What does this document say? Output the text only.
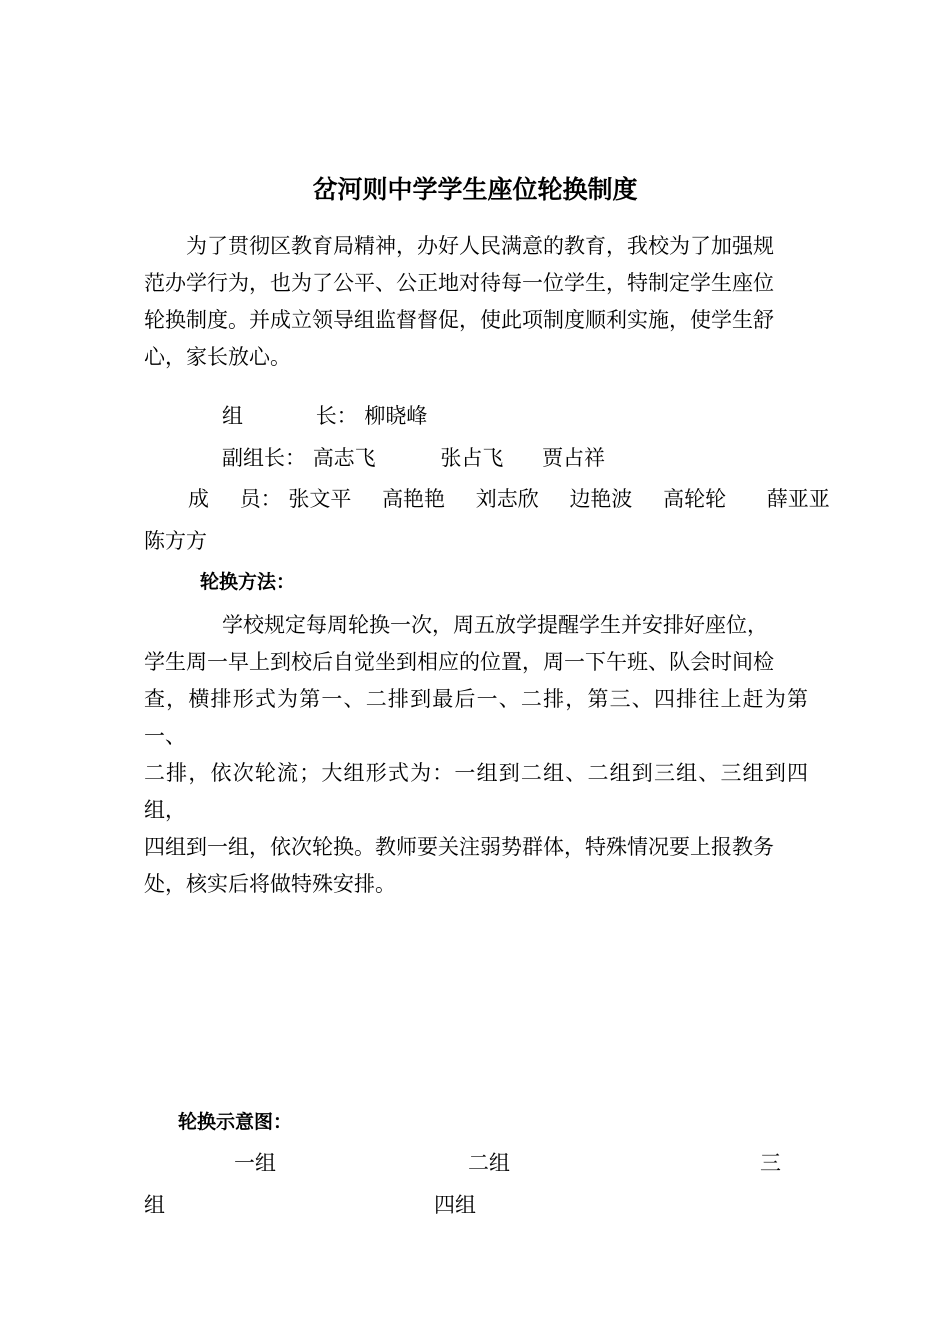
岔河则中学学生座位轮换制度
为了贯彻区教育局精神，办好人民满意的教育，我校为了加强规
范办学行为，也为了公平、公正地对待每一位学生，特制定学生座位
轮换制度。并成立领导组监督督促，使此项制度顺利实施，使学生舒
心，家长放心。
组	长： 柳晓峰
副组长： 高志飞	张占飞 贾占祥
成 员： 张文平 高艳艳 刘志欣 边艳波 高轮轮 薛亚亚
陈方方
轮换方法：
学校规定每周轮换一次，周五放学提醒学生并安排好座位，
学生周一早上到校后自觉坐到相应的位置，周一下午班、队会时间检
查，横排形式为第一、二排到最后一、二排，第三、四排往上赶为第一、
二排，依次轮流；大组形式为：一组到二组、二组到三组、三组到四组，
四组到一组，依次轮换。教师要关注弱势群体，特殊情况要上报教务
处，核实后将做特殊安排。
轮换示意图：
一组	二组	三
组	四组
